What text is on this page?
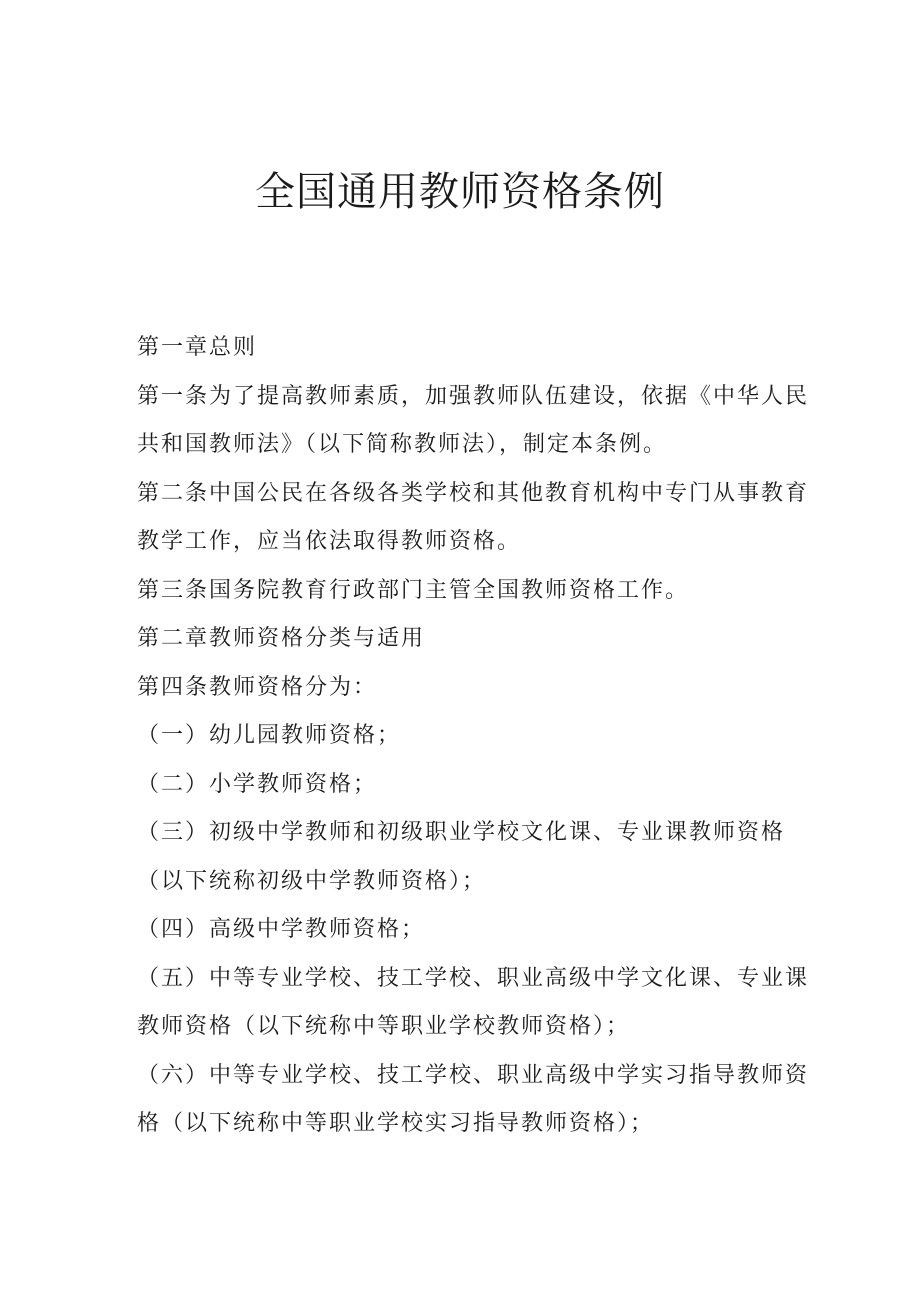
全国通用教师资格条例

第一章总则

第一条为了提高教师素质，加强教师队伍建设，依据《中华人民

共和国教师法》（以下简称教师法），制定本条例。

第二条中国公民在各级各类学校和其他教育机构中专门从事教育

教学工作，应当依法取得教师资格。

第三条国务院教育行政部门主管全国教师资格工作。

第二章教师资格分类与适用

第四条教师资格分为：

（一）幼儿园教师资格；

（二）小学教师资格；

（三）初级中学教师和初级职业学校文化课、专业课教师资格

（以下统称初级中学教师资格）；

（四）高级中学教师资格；

（五）中等专业学校、技工学校、职业高级中学文化课、专业课

教师资格（以下统称中等职业学校教师资格）；

（六）中等专业学校、技工学校、职业高级中学实习指导教师资

格（以下统称中等职业学校实习指导教师资格）；
